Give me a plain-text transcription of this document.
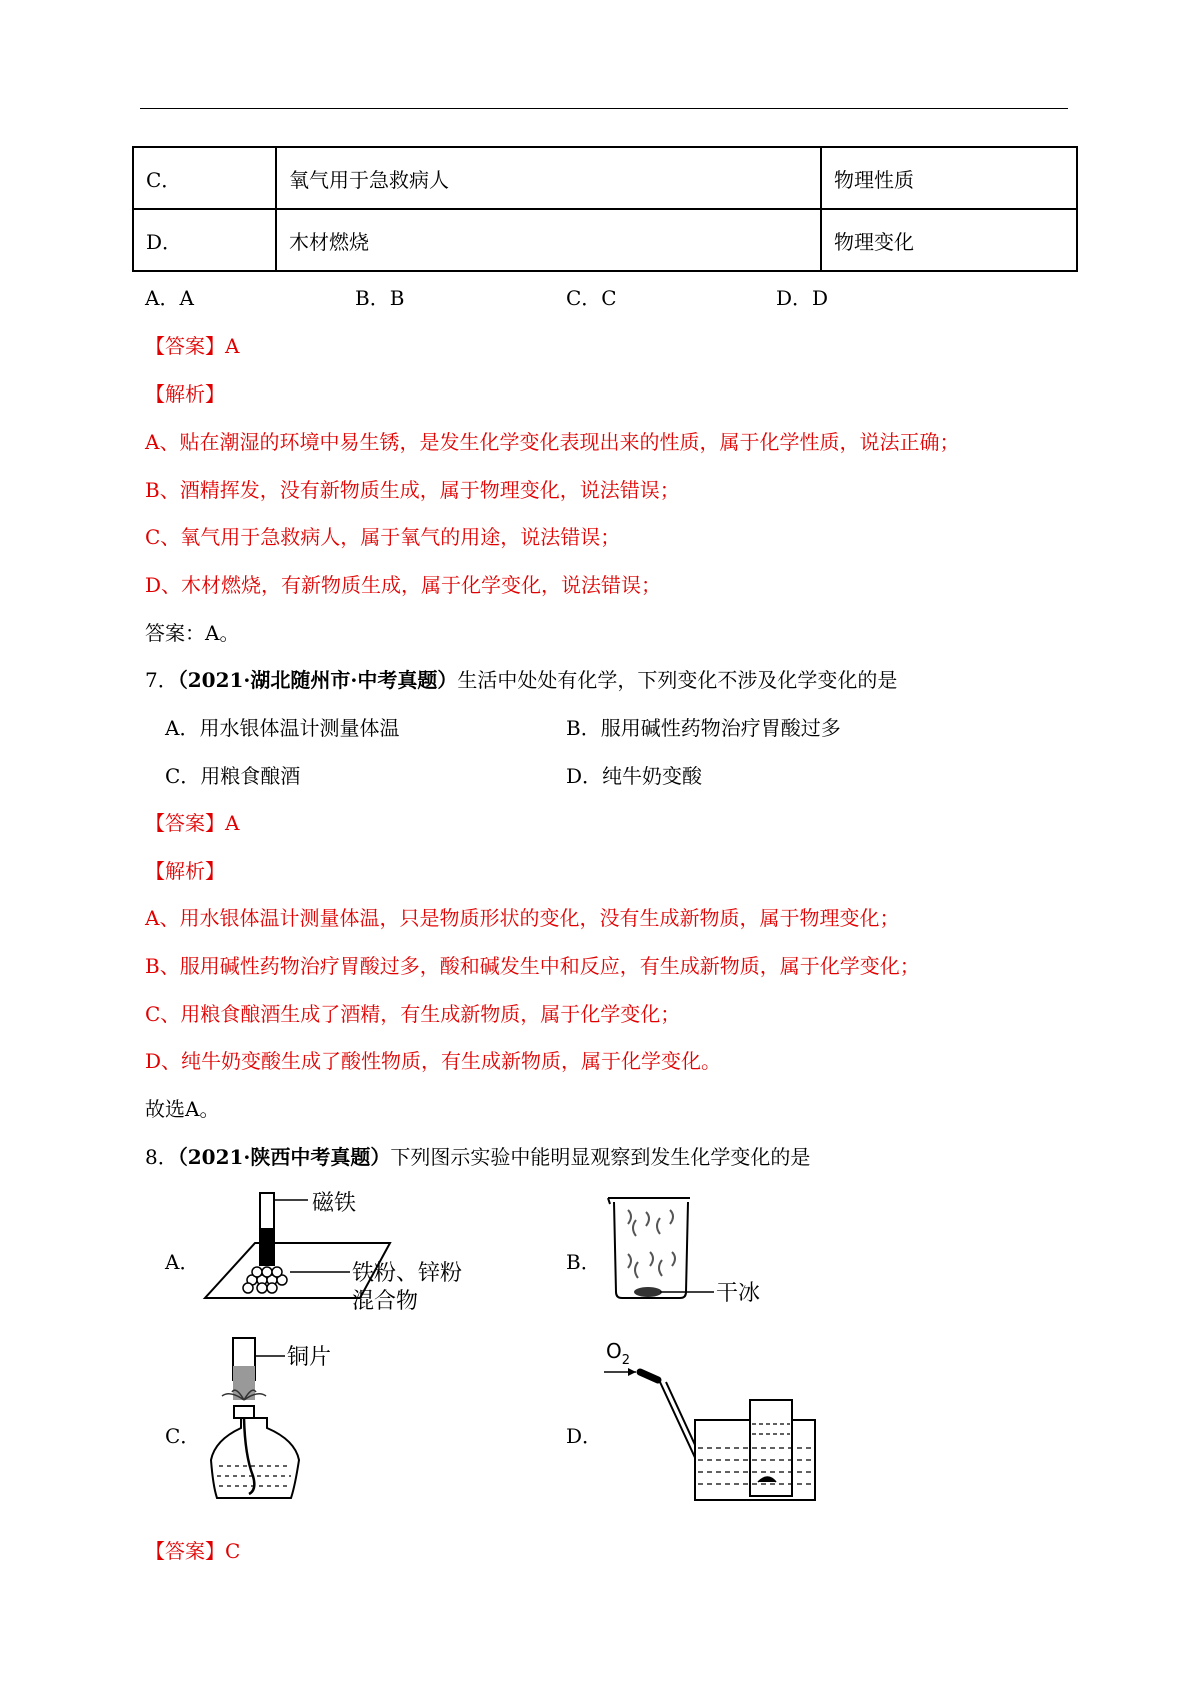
C．	氧气用于急救病人	物理性质
D．	木材燃烧	物理变化
A．A	B．B	C．C	D．D
【答案】A
【解析】
A、贴在潮湿的环境中易生锈，是发生化学变化表现出来的性质，属于化学性质，说法正确；
B、酒精挥发，没有新物质生成，属于物理变化，说法错误；
C、氧气用于急救病人，属于氧气的用途，说法错误；
D、木材燃烧，有新物质生成，属于化学变化，说法错误；
答案：A。
7．（2021·湖北随州市·中考真题）生活中处处有化学，下列变化不涉及化学变化的是
A．用水银体温计测量体温	B．服用碱性药物治疗胃酸过多
C．用粮食酿酒	D．纯牛奶变酸
【答案】A
【解析】
A、用水银体温计测量体温，只是物质形状的变化，没有生成新物质，属于物理变化；
B、服用碱性药物治疗胃酸过多，酸和碱发生中和反应，有生成新物质，属于化学变化；
C、用粮食酿酒生成了酒精，有生成新物质，属于化学变化；
D、纯牛奶变酸生成了酸性物质，有生成新物质，属于化学变化。
故选A。
8．（2021·陕西中考真题）下列图示实验中能明显观察到发生化学变化的是
A．
磁铁
铁粉、锌粉
混合物
B．
干冰
C．
铜片
D．
$O_2$
【答案】C
